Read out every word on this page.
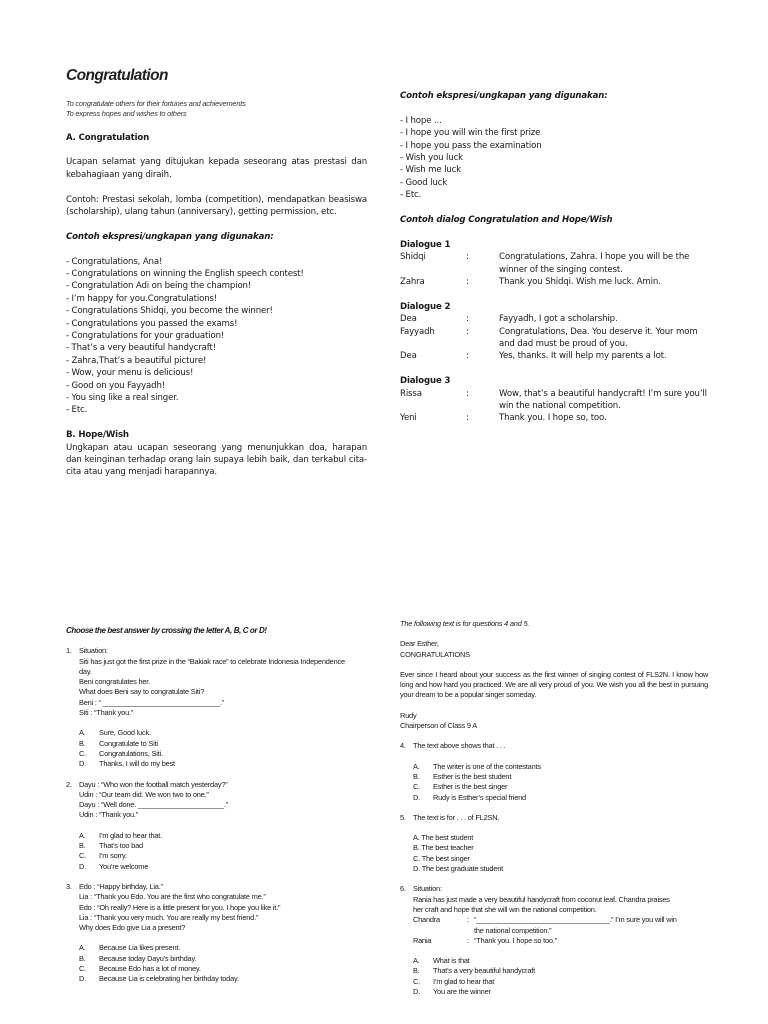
Congratulation
To congratulate others for their fortunes and achievements
To express hopes and wishes to others
A. Congratulation
Ucapan selamat yang ditujukan kepada seseorang atas prestasi dan kebahagiaan yang diraih.
Contoh: Prestasi sekolah, lomba (competition), mendapatkan beasiswa (scholarship), ulang tahun (anniversary), getting permission, etc.
Contoh ekspresi/ungkapan yang digunakan:
- Congratulations, Ana!
- Congratulations on winning the English speech contest!
- Congratulation Adi on being the champion!
- I’m happy for you.Congratulations!
- Congratulations Shidqi, you become the winner!
- Congratulations you passed the exams!
- Congratulations for your graduation!
- That’s a very beautiful handycraft!
- Zahra,That’s a beautiful picture!
- Wow, your menu is delicious!
- Good on you Fayyadh!
- You sing like a real singer.
- Etc.
B. Hope/Wish
Ungkapan atau ucapan seseorang yang menunjukkan doa, harapan dan keinginan terhadap orang lain supaya lebih baik, dan terkabul cita-cita atau yang menjadi harapannya.
Contoh ekspresi/ungkapan yang digunakan:
- I hope ...
- I hope you will win the first prize
- I hope you pass the examination
- Wish you luck
- Wish me luck
- Good luck
- Etc.
Contoh dialog Congratulation and Hope/Wish
Dialogue 1
Shidqi	:	Congratulations, Zahra. I hope you will be the winner of the singing contest.
Zahra	:	Thank you Shidqi. Wish me luck. Amin.
Dialogue 2
Dea	:	Fayyadh, I got a scholarship.
Fayyadh	:	Congratulations, Dea. You deserve it. Your mom and dad must be proud of you.
Dea	:	Yes, thanks. It will help my parents a lot.
Dialogue 3
Rissa	:	Wow, that’s a beautiful handycraft! I’m sure you’ll win the national competition.
Yeni	:	Thank you. I hope so, too.
Choose the best answer by crossing the letter A, B, C or D!
1. Situation:
Siti has just got the first prize in the “Bakiak race” to celebrate Indonesia Independence
day.
Beni congratulates her.
What does Beni say to congratulate Siti?
Beni : “ ______________________________.”
Siti : “Thank you.”
A. Sure, Good luck.
B. Congratulate to Siti
C. Congratulations, Siti.
D. Thanks, I will do my best
2. Dayu : “Who won the football match yesterday?”
Udin : “Our team did. We won two to one.”
Dayu : “Well done. ______________________.”
Udin : “Thank you.”
A. I’m glad to hear that.
B. That’s too bad
C. I’m sorry.
D. You’re welcome
3. Edo : “Happy birthday, Lia.”
Lia : “Thank you Edo. You are the first who congratulate me.”
Edo : “Oh really? Here is a little present for you. I hope you like it.”
Lia : “Thank you very much. You are really my best friend.”
Why does Edo give Lia a present?
A. Because Lia likes present.
B. Because today Dayu’s birthday.
C. Because Edo has a lot of money.
D. Because Lia is celebrating her birthday today.
The following text is for questions 4 and 5.
Dear Esther,
CONGRATULATIONS
Ever since I heard about your success as the first winner of singing contest of FLS2N. I know how long and how hard you practiced. We are all very proud of you. We wish you all the best in pursuing your dream to be a popular singer someday.
Rudy
Chairperson of Class 9 A
4. The text above shows that . . .
A. The writer is one of the contestants
B. Esther is the best student
C. Esther is the best singer
D. Rudy is Esther’s special friend
5. The text is for . . . of FL2SN.
A. The best student
B. The best teacher
C. The best singer
D. The best graduate student
6. Situation:
Rania has just made a very beautiful handycraft from coconut leaf. Chandra praises
her craft and hope that she will win the national competition.
Chandra	: “__________________________________.” I’m sure you will win
the national competition.”
Rania	: “Thank you. I hope so too.”
A. What is that
B. That’s a very beautiful handycraft
C. I’m glad to hear that
D. You are the winner
